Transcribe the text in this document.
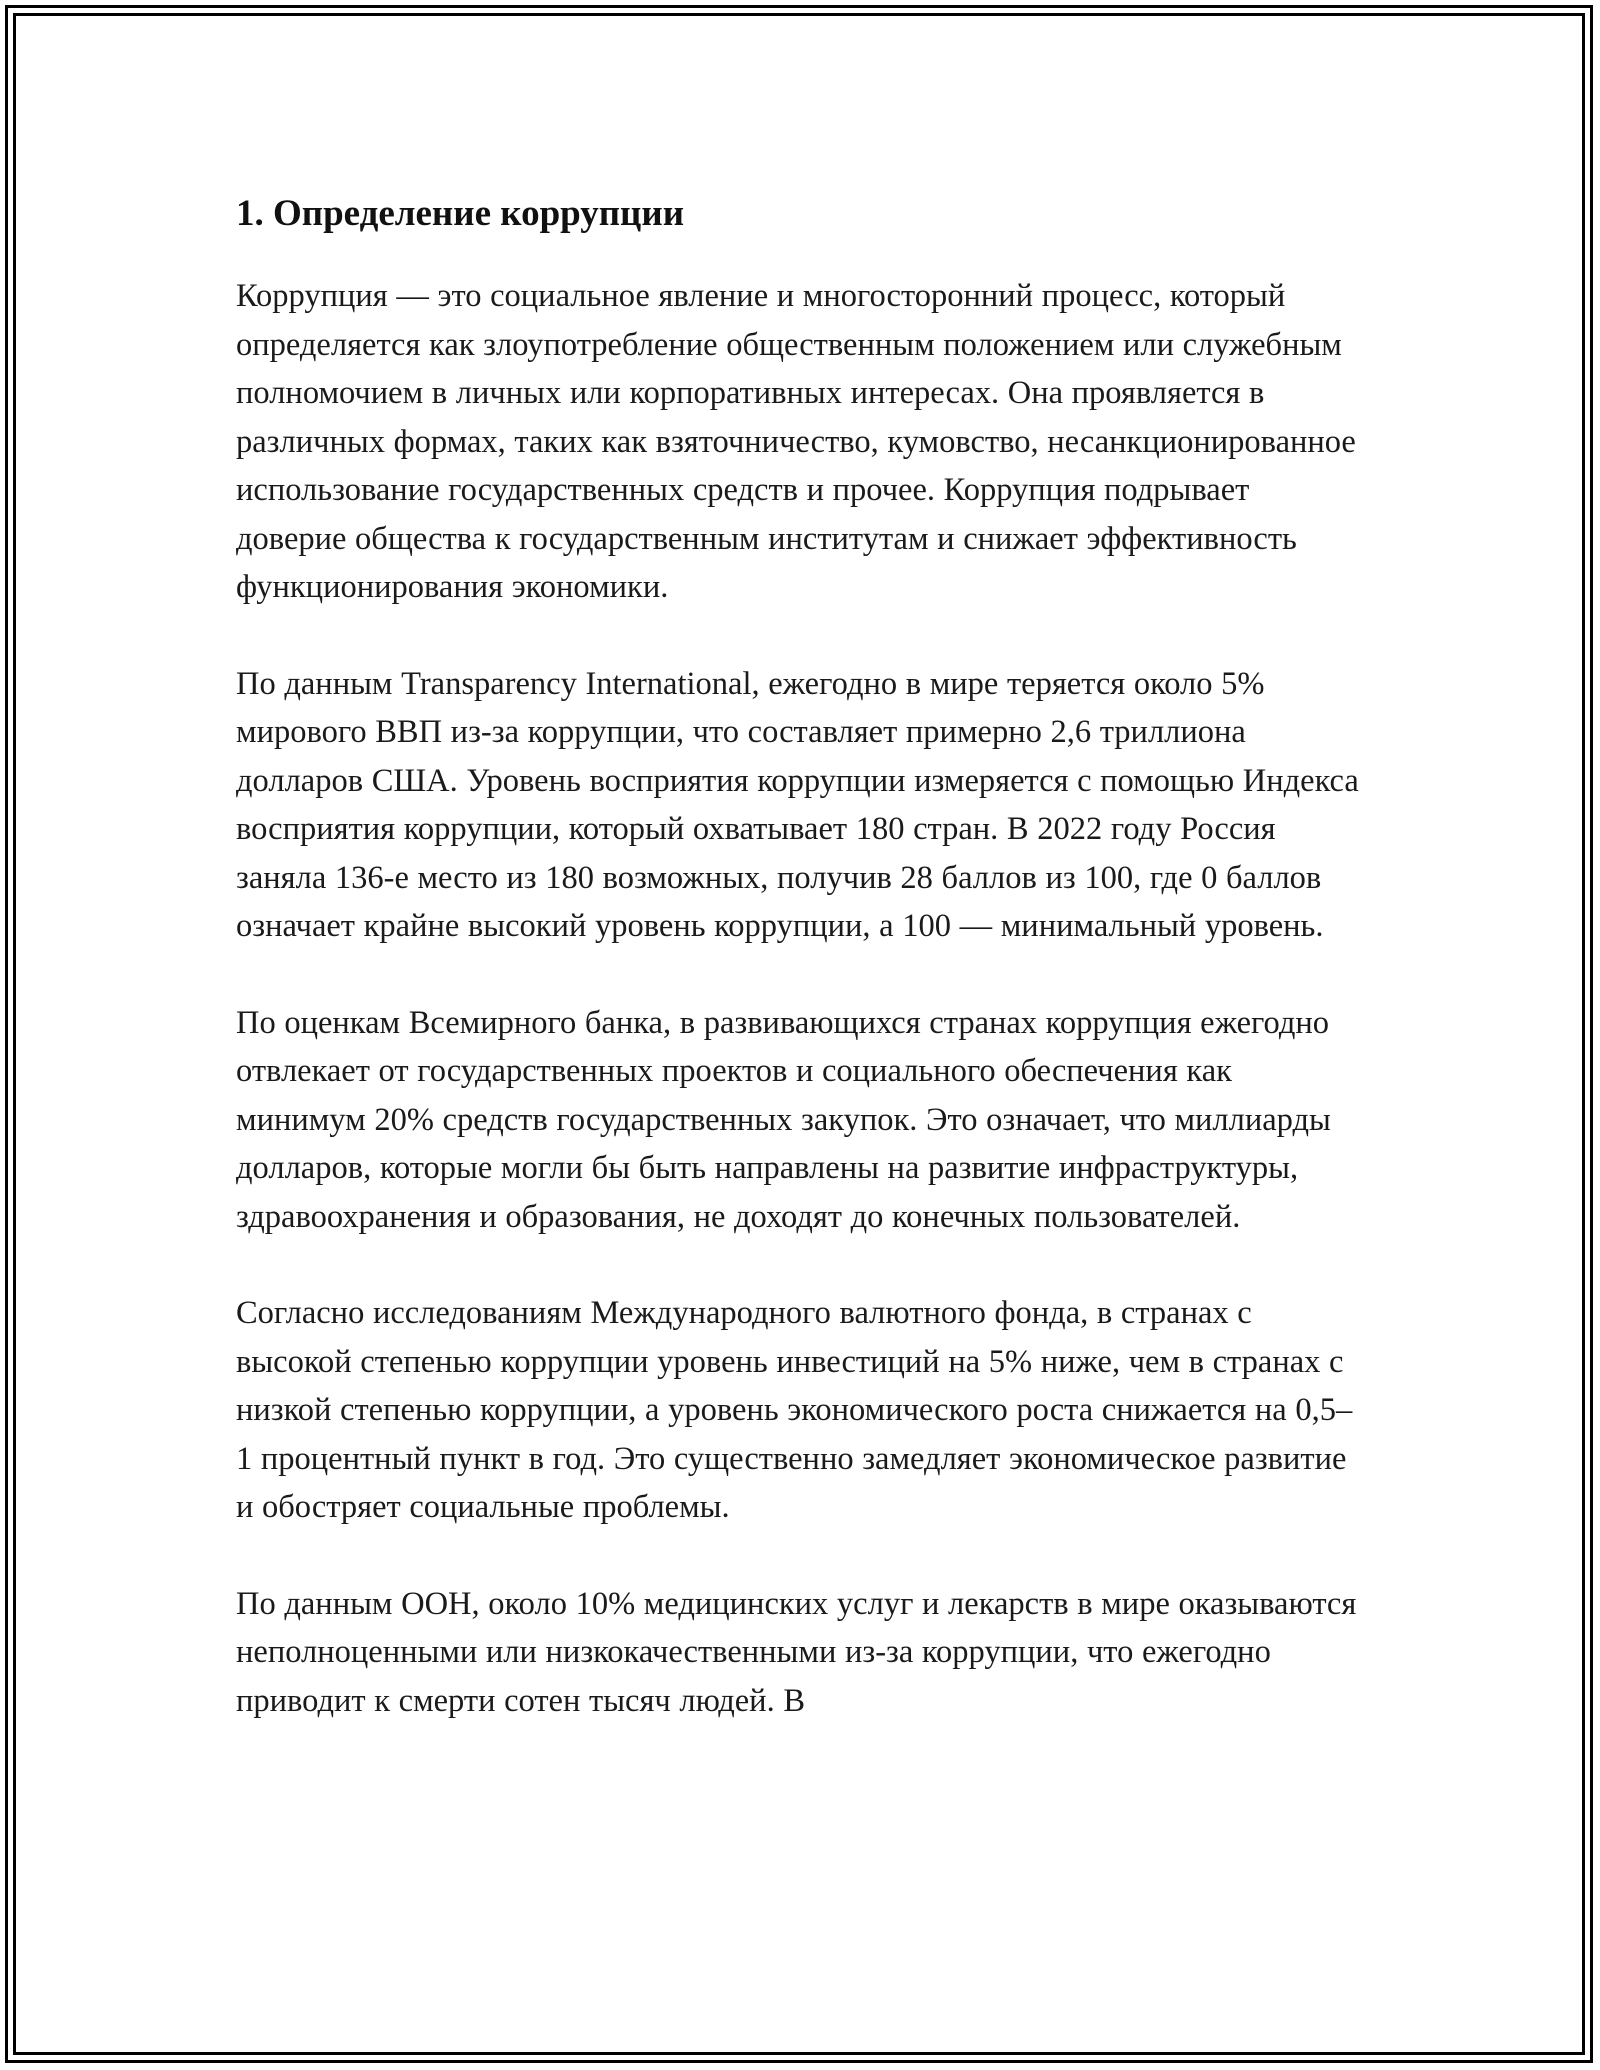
1. Определение коррупции

Коррупция — это социальное явление и многосторонний процесс, который определяется как злоупотребление общественным положением или служебным полномочием в личных или корпоративных интересах. Она проявляется в различных формах, таких как взяточничество, кумовство, несанкционированное использование государственных средств и прочее. Коррупция подрывает доверие общества к государственным институтам и снижает эффективность функционирования экономики.

По данным Transparency International, ежегодно в мире теряется около 5% мирового ВВП из-за коррупции, что составляет примерно 2,6 триллиона долларов США. Уровень восприятия коррупции измеряется с помощью Индекса восприятия коррупции, который охватывает 180 стран. В 2022 году Россия заняла 136-е место из 180 возможных, получив 28 баллов из 100, где 0 баллов означает крайне высокий уровень коррупции, а 100 — минимальный уровень.

По оценкам Всемирного банка, в развивающихся странах коррупция ежегодно отвлекает от государственных проектов и социального обеспечения как минимум 20% средств государственных закупок. Это означает, что миллиарды долларов, которые могли бы быть направлены на развитие инфраструктуры, здравоохранения и образования, не доходят до конечных пользователей.

Согласно исследованиям Международного валютного фонда, в странах с высокой степенью коррупции уровень инвестиций на 5% ниже, чем в странах с низкой степенью коррупции, а уровень экономического роста снижается на 0,5–1 процентный пункт в год. Это существенно замедляет экономическое развитие и обостряет социальные проблемы.

По данным ООН, около 10% медицинских услуг и лекарств в мире оказываются неполноценными или низкокачественными из-за коррупции, что ежегодно приводит к смерти сотен тысяч людей. В
